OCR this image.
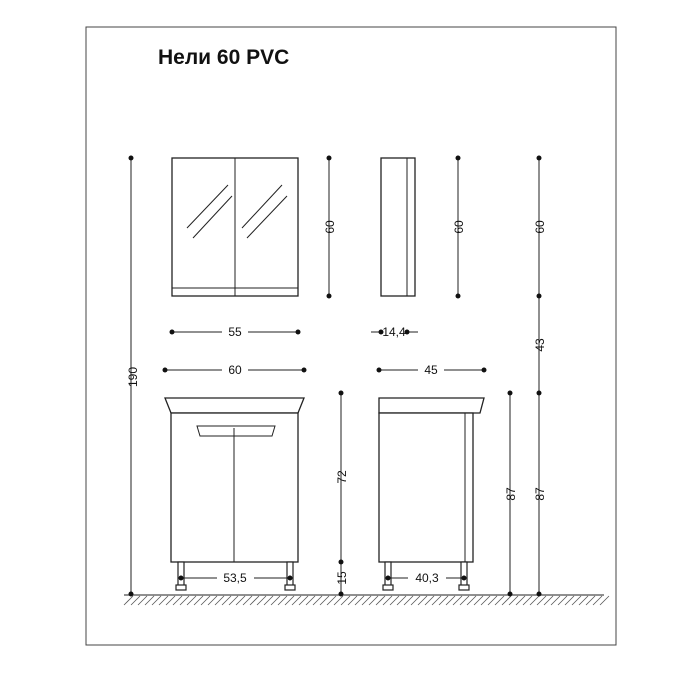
Нели 60 PVC
190
60	60	60
43
87
87
72
15
55	14,4
60	45
53,5	40,3
